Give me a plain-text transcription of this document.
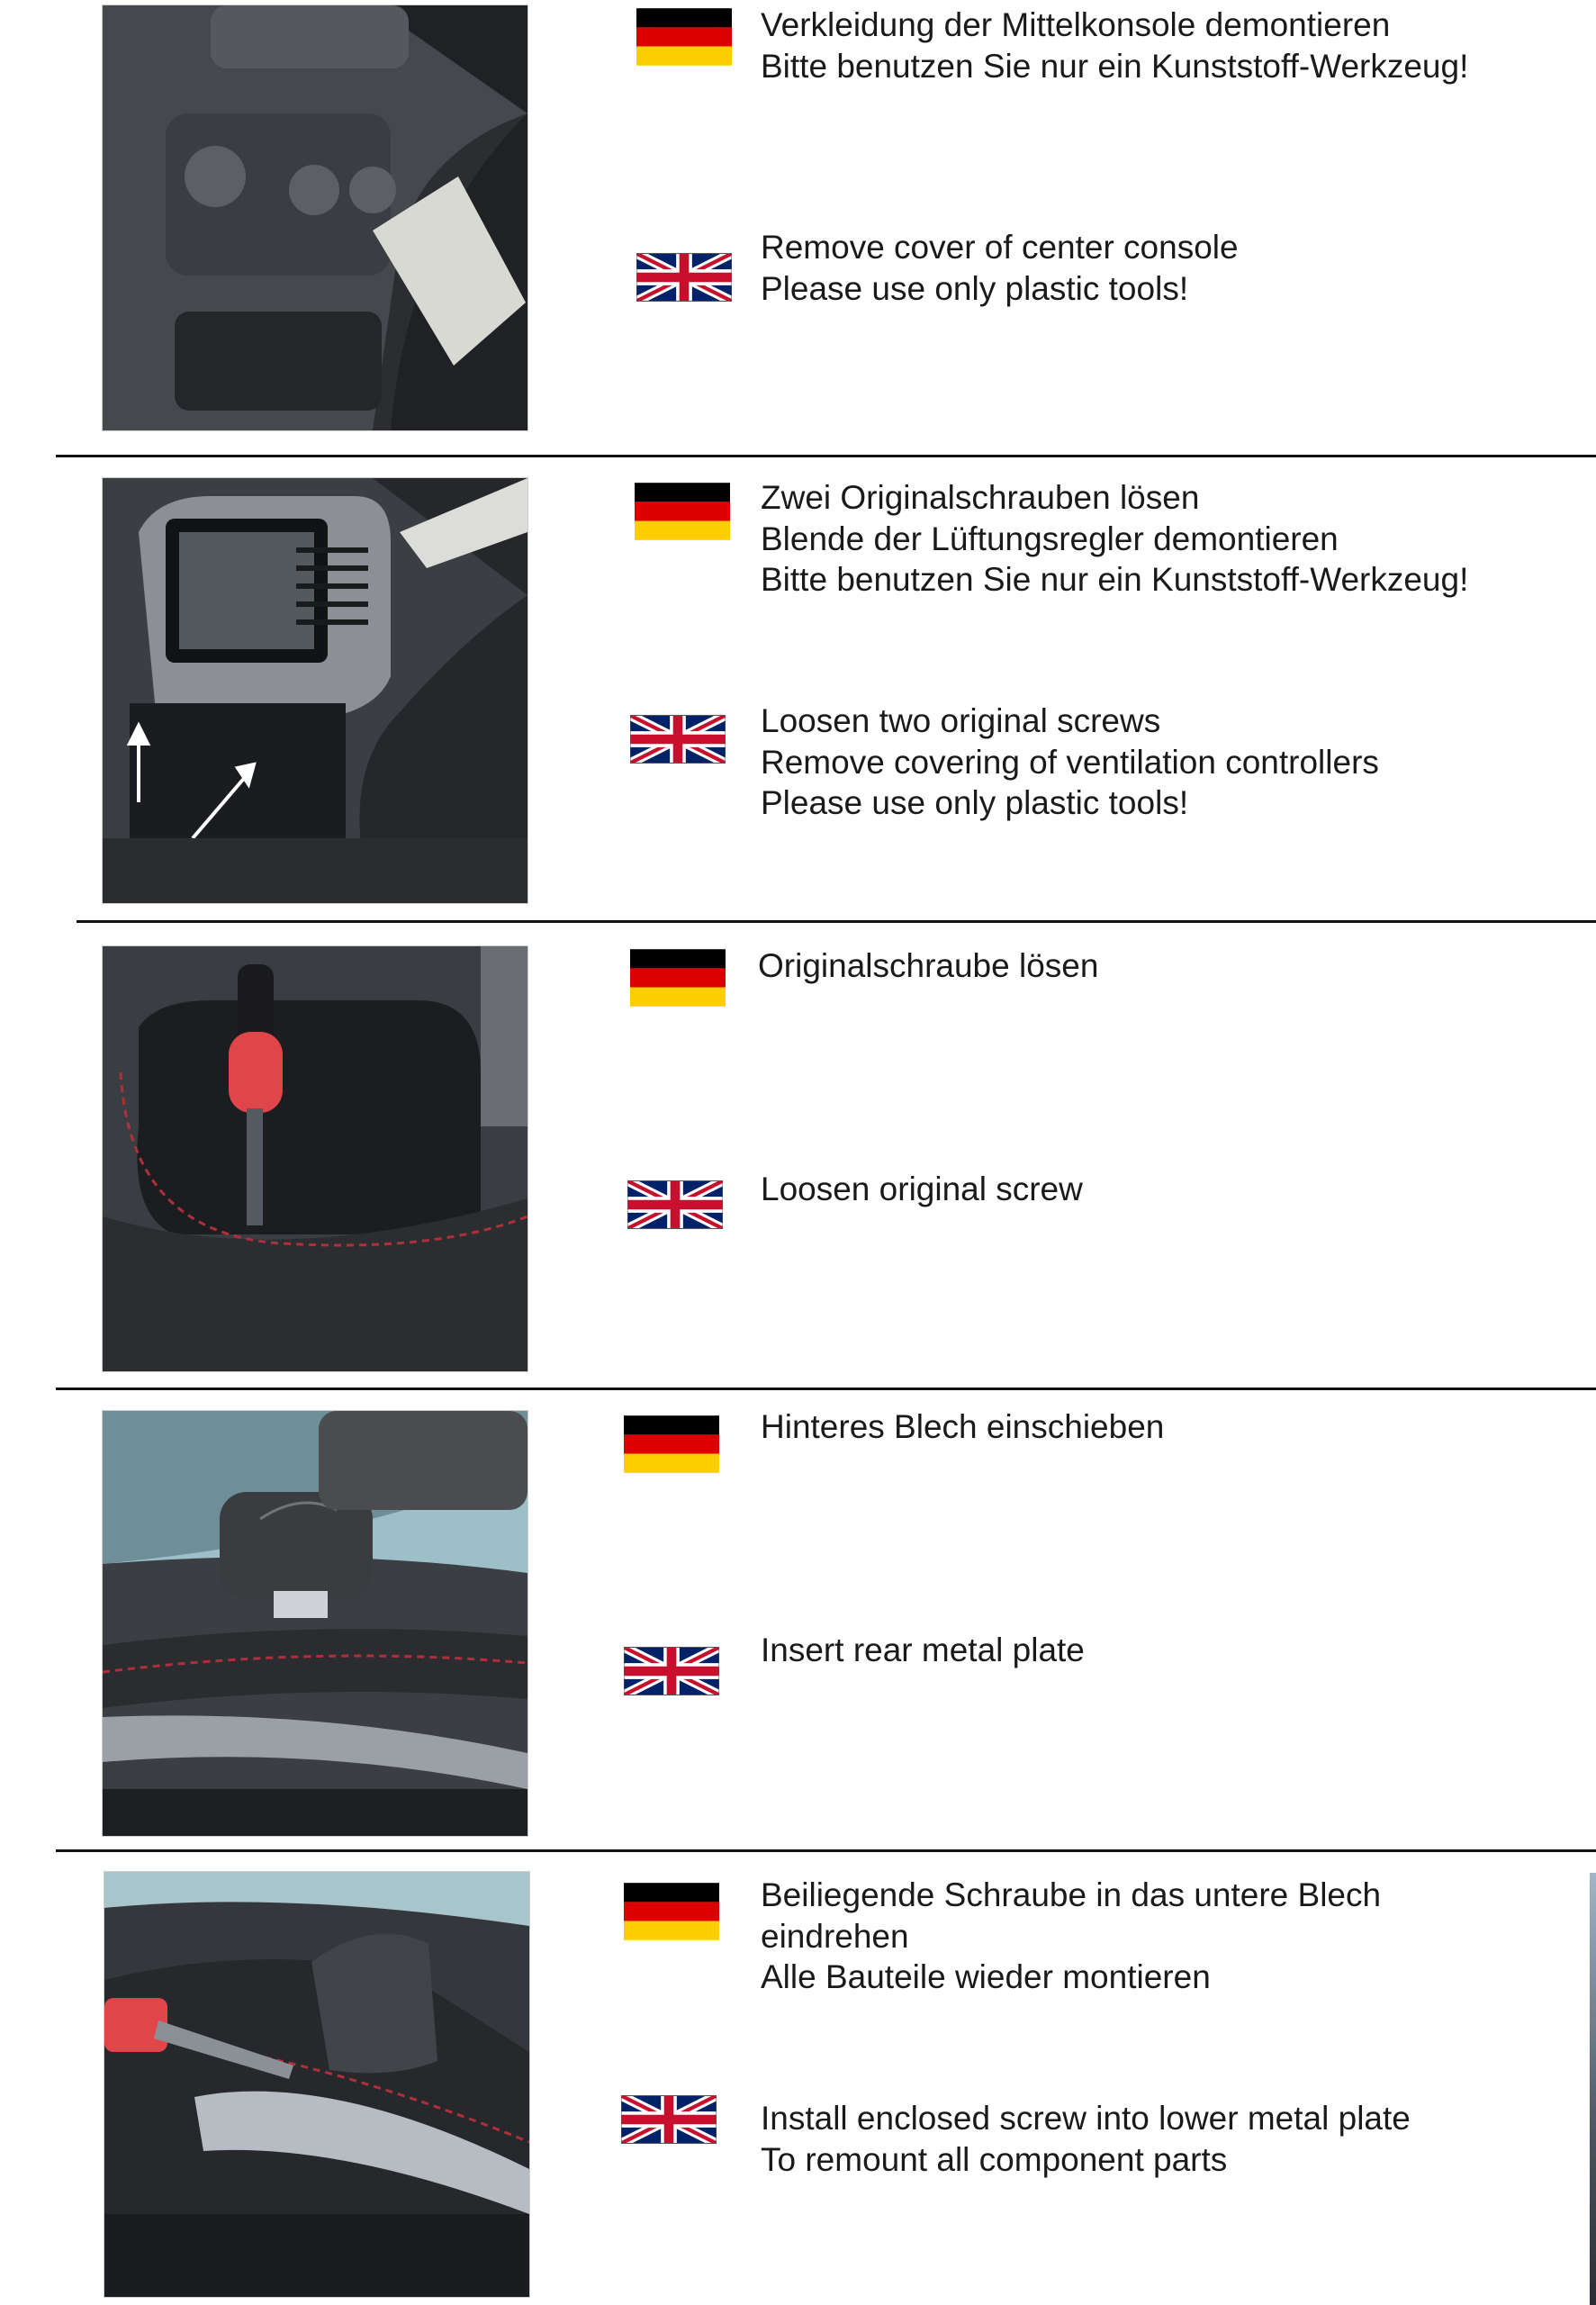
Verkleidung der Mittelkonsole demontieren
Bitte benutzen Sie nur ein Kunststoff-Werkzeug!
Remove cover of center console
Please use only plastic tools!
Zwei Originalschrauben lösen
Blende der Lüftungsregler demontieren
Bitte benutzen Sie nur ein Kunststoff-Werkzeug!
Loosen two original screws
Remove covering of ventilation controllers
Please use only plastic tools!
Originalschraube lösen
Loosen original screw
Hinteres Blech einschieben
Insert rear metal plate
Beiliegende Schraube in das untere Blech
eindrehen
Alle Bauteile wieder montieren
Install enclosed screw into lower metal plate
To remount all component parts
